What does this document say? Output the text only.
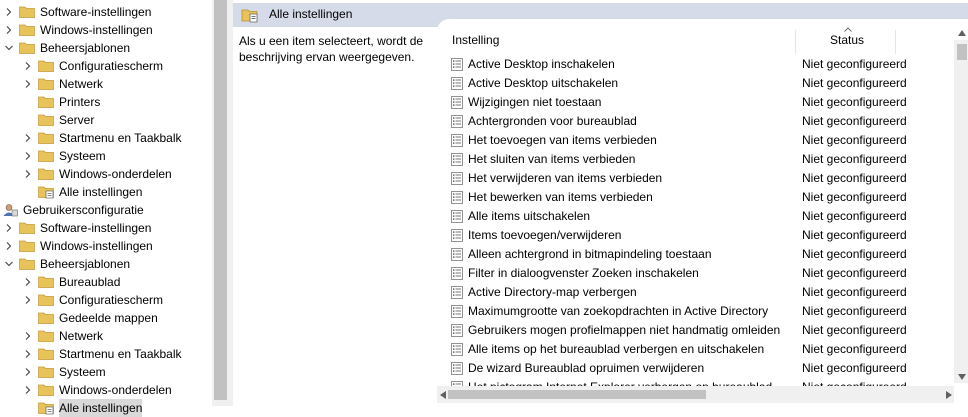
Software-instellingen
Windows-instellingen
Beheersjablonen
Configuratiescherm
Netwerk
Printers
Server
Startmenu en Taakbalk
Systeem
Windows-onderdelen
Alle instellingen
Gebruikersconfiguratie
Software-instellingen
Windows-instellingen
Beheersjablonen
Bureaublad
Configuratiescherm
Gedeelde mappen
Netwerk
Startmenu en Taakbalk
Systeem
Windows-onderdelen
Alle instellingen
Alle instellingen
Als u een item selecteert, wordt de beschrijving ervan weergegeven.
Instelling	Status
Active Desktop inschakelen	Niet geconfigureerd
Active Desktop uitschakelen	Niet geconfigureerd
Wijzigingen niet toestaan	Niet geconfigureerd
Achtergronden voor bureaublad	Niet geconfigureerd
Het toevoegen van items verbieden	Niet geconfigureerd
Het sluiten van items verbieden	Niet geconfigureerd
Het verwijderen van items verbieden	Niet geconfigureerd
Het bewerken van items verbieden	Niet geconfigureerd
Alle items uitschakelen	Niet geconfigureerd
Items toevoegen/verwijderen	Niet geconfigureerd
Alleen achtergrond in bitmapindeling toestaan	Niet geconfigureerd
Filter in dialoogvenster Zoeken inschakelen	Niet geconfigureerd
Active Directory-map verbergen	Niet geconfigureerd
Maximumgrootte van zoekopdrachten in Active Directory	Niet geconfigureerd
Gebruikers mogen profielmappen niet handmatig omleiden Niet geconfigureerd
Alle items op het bureaublad verbergen en uitschakelen	Niet geconfigureerd
De wizard Bureaublad opruimen verwijderen	Niet geconfigureerd
